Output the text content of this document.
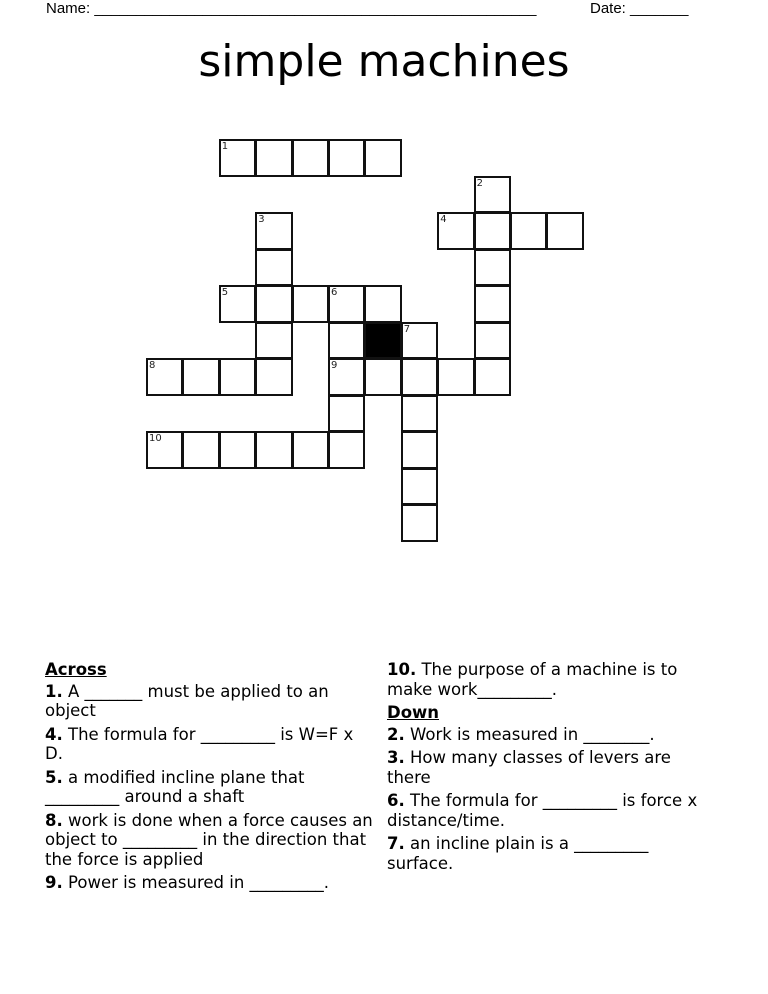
Name: _____________________________________________________	Date: _______
simple machines
1
2
3	4
5	6
7
8	9
10
Across
1. A _______ must be applied to an object
4. The formula for _________ is W=F x D.
5. a modified incline plane that _________ around a shaft
8. work is done when a force causes an object to _________ in the direction that the force is applied
9. Power is measured in _________.
10. The purpose of a machine is to make work_________.
Down
2. Work is measured in ________.
3. How many classes of levers are there
6. The formula for _________ is force x distance/time.
7. an incline plain is a _________ surface.
